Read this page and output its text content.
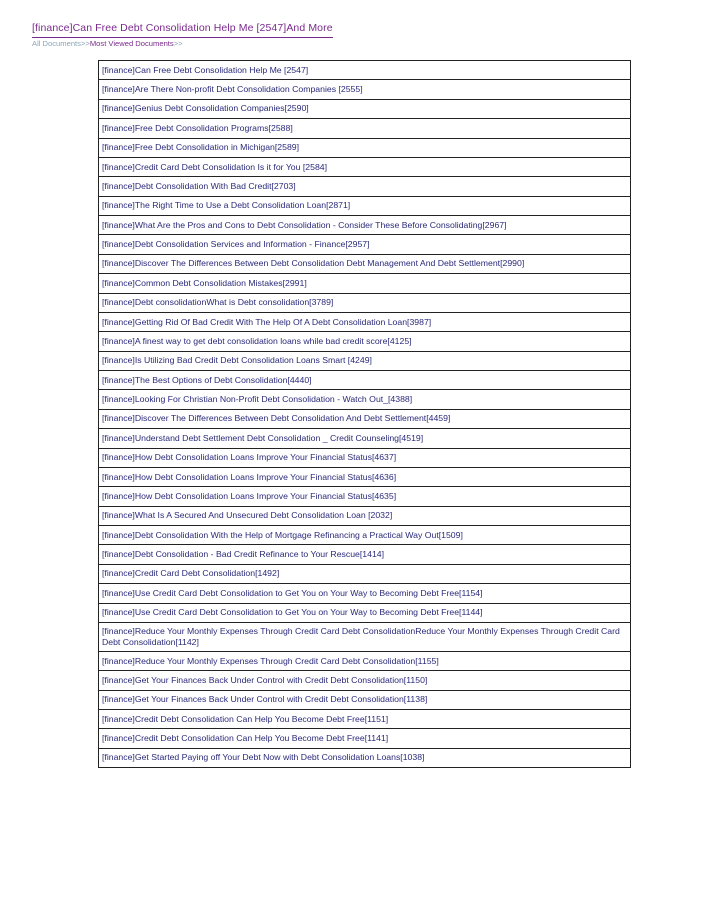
[finance]Can Free Debt Consolidation Help Me [2547]And More
All Documents>>Most Viewed Documents>>
[finance]Can Free Debt Consolidation Help Me [2547]
[finance]Are There Non-profit Debt Consolidation Companies [2555]
[finance]Genius Debt Consolidation Companies[2590]
[finance]Free Debt Consolidation Programs[2588]
[finance]Free Debt Consolidation in Michigan[2589]
[finance]Credit Card Debt Consolidation Is it for You [2584]
[finance]Debt Consolidation With Bad Credit[2703]
[finance]The Right Time to Use a Debt Consolidation Loan[2871]
[finance]What Are the Pros and Cons to Debt Consolidation - Consider These Before Consolidating[2967]
[finance]Debt Consolidation Services and Information - Finance[2957]
[finance]Discover The Differences Between Debt Consolidation Debt Management And Debt Settlement[2990]
[finance]Common Debt Consolidation Mistakes[2991]
[finance]Debt consolidationWhat is Debt consolidation[3789]
[finance]Getting Rid Of Bad Credit With The Help Of A Debt Consolidation Loan[3987]
[finance]A finest way to get debt consolidation loans while bad credit score[4125]
[finance]Is Utilizing Bad Credit Debt Consolidation Loans Smart [4249]
[finance]The Best Options of Debt Consolidation[4440]
[finance]Looking For Christian Non-Profit Debt Consolidation - Watch Out_[4388]
[finance]Discover The Differences Between Debt Consolidation And Debt Settlement[4459]
[finance]Understand Debt Settlement Debt Consolidation _ Credit Counseling[4519]
[finance]How Debt Consolidation Loans Improve Your Financial Status[4637]
[finance]How Debt Consolidation Loans Improve Your Financial Status[4636]
[finance]How Debt Consolidation Loans Improve Your Financial Status[4635]
[finance]What Is A Secured And Unsecured Debt Consolidation Loan [2032]
[finance]Debt Consolidation With the Help of Mortgage Refinancing a Practical Way Out[1509]
[finance]Debt Consolidation - Bad Credit Refinance to Your Rescue[1414]
[finance]Credit Card Debt Consolidation[1492]
[finance]Use Credit Card Debt Consolidation to Get You on Your Way to Becoming Debt Free[1154]
[finance]Use Credit Card Debt Consolidation to Get You on Your Way to Becoming Debt Free[1144]
[finance]Reduce Your Monthly Expenses Through Credit Card Debt ConsolidationReduce Your Monthly Expenses Through Credit Card Debt Consolidation[1142]
[finance]Reduce Your Monthly Expenses Through Credit Card Debt Consolidation[1155]
[finance]Get Your Finances Back Under Control with Credit Debt Consolidation[1150]
[finance]Get Your Finances Back Under Control with Credit Debt Consolidation[1138]
[finance]Credit Debt Consolidation Can Help You Become Debt Free[1151]
[finance]Credit Debt Consolidation Can Help You Become Debt Free[1141]
[finance]Get Started Paying off Your Debt Now with Debt Consolidation Loans[1038]
